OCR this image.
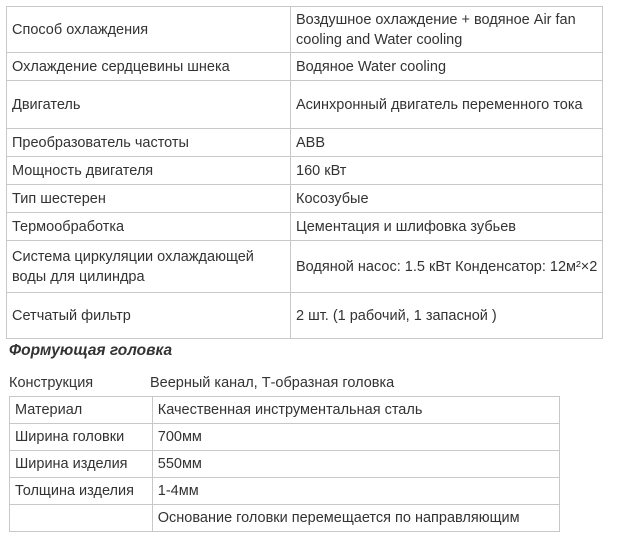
Способ охлаждения	Воздушное охлаждение + водяное Air fan cooling and Water cooling
Охлаждение сердцевины шнека	Водяное Water cooling
Двигатель	Асинхронный двигатель переменного тока
Преобразователь частоты	ABB
Мощность двигателя	160 кВт
Тип шестерен	Косозубые
Термообработка	Цементация и шлифовка зубьев
Система циркуляции охлаждающей воды для цилиндра	Водяной насос: 1.5 кВт Конденсатор: 12м²×2
Сетчатый фильтр	2 шт. (1 рабочий, 1 запасной )
Формующая головка
Конструкция	Веерный канал, Т-образная головка
Материал	Качественная инструментальная сталь
Ширина головки	700мм
Ширина изделия	550мм
Толщина изделия	1-4мм
	Основание головки перемещается по направляющим
